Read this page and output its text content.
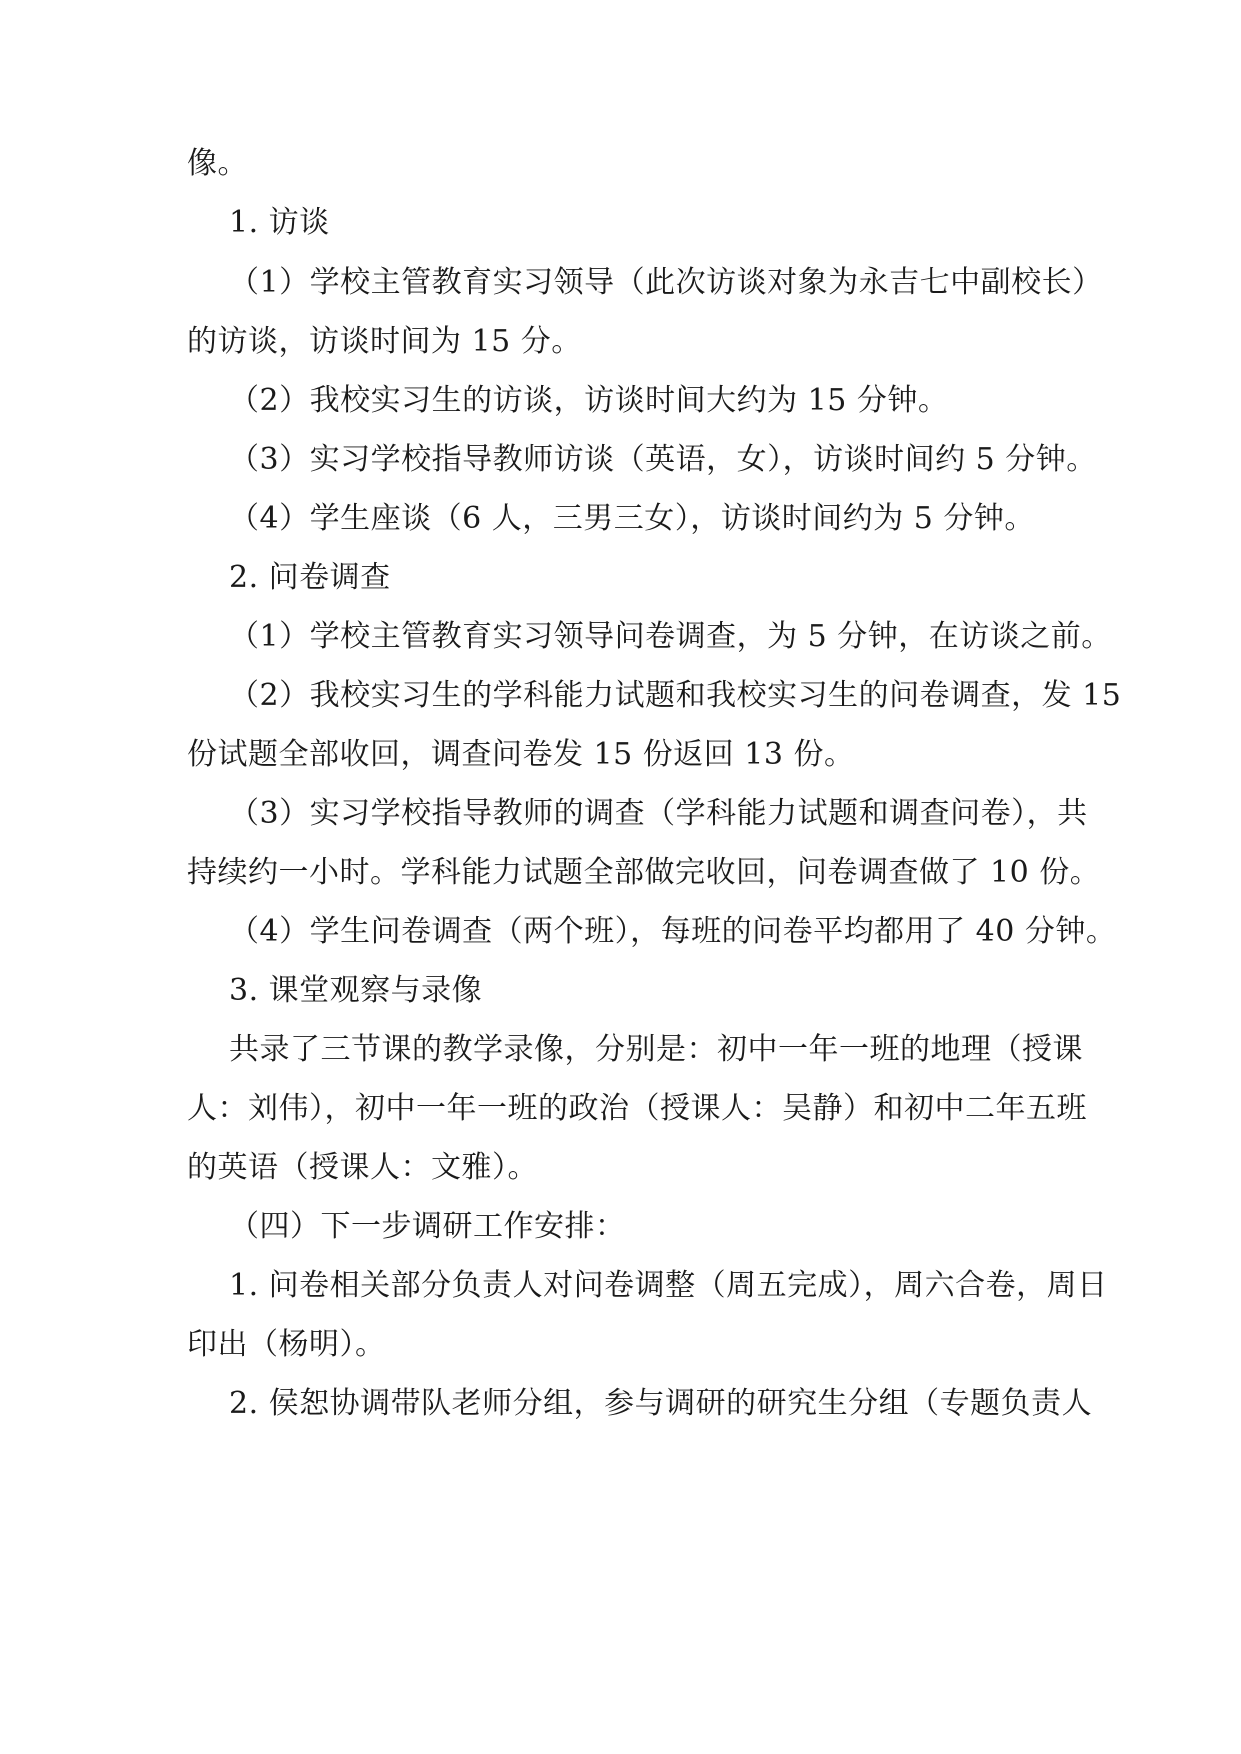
像。
1. 访谈
（1）学校主管教育实习领导（此次访谈对象为永吉七中副校长）
的访谈，访谈时间为 15 分。
（2）我校实习生的访谈，访谈时间大约为 15 分钟。
（3）实习学校指导教师访谈（英语，女），访谈时间约 5 分钟。
（4）学生座谈（6 人，三男三女），访谈时间约为 5 分钟。
2. 问卷调查
（1）学校主管教育实习领导问卷调查，为 5 分钟，在访谈之前。
（2）我校实习生的学科能力试题和我校实习生的问卷调查，发 15
份试题全部收回，调查问卷发 15 份返回 13 份。
（3）实习学校指导教师的调查（学科能力试题和调查问卷），共
持续约一小时。学科能力试题全部做完收回，问卷调查做了 10 份。
（4）学生问卷调查（两个班），每班的问卷平均都用了 40 分钟。
3. 课堂观察与录像
共录了三节课的教学录像，分别是：初中一年一班的地理（授课
人：刘伟），初中一年一班的政治（授课人：吴静）和初中二年五班
的英语（授课人：文雅）。
（四）下一步调研工作安排：
1. 问卷相关部分负责人对问卷调整（周五完成），周六合卷，周日
印出（杨明）。
2. 侯恕协调带队老师分组，参与调研的研究生分组（专题负责人
